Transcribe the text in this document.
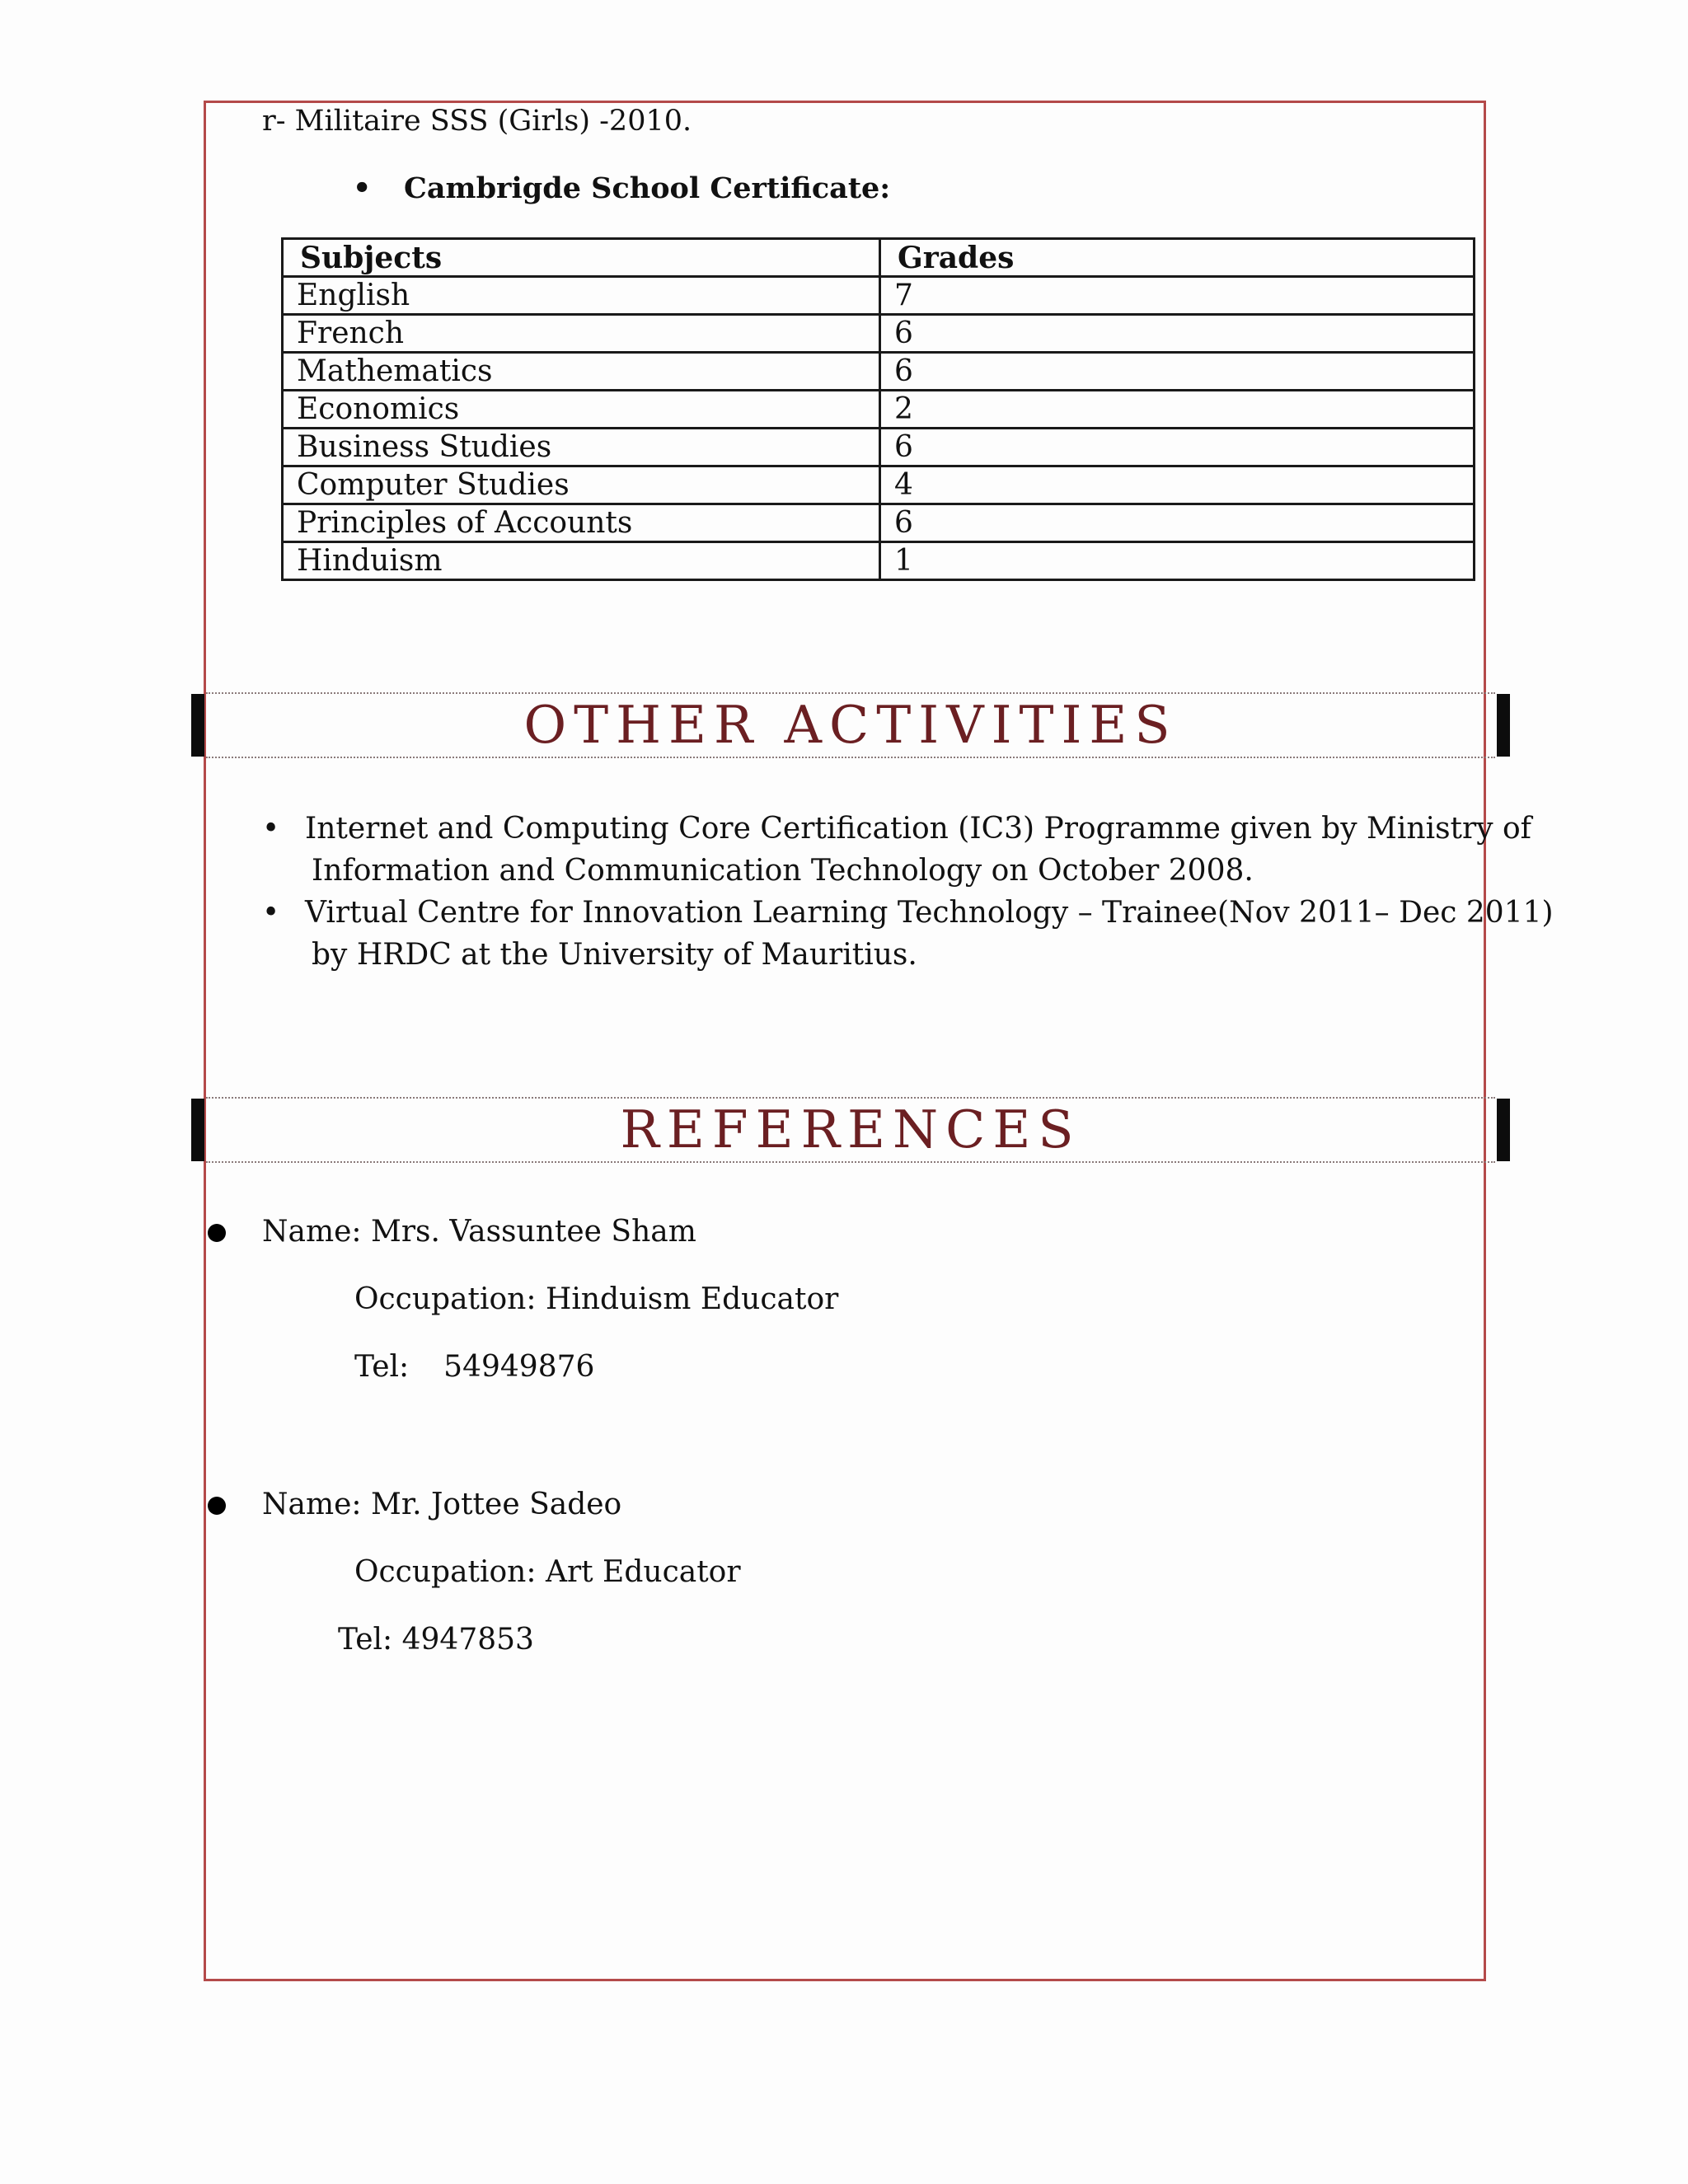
r- Militaire SSS (Girls) -2010.
• Cambrigde School Certificate:
Subjects	Grades
English	7
French	6
Mathematics	6
Economics	2
Business Studies	6
Computer Studies	4
Principles of Accounts	6
Hinduism	1
OTHER ACTIVITIES
• Internet and Computing Core Certification (IC3) Programme given by Ministry of
Information and Communication Technology on October 2008.
• Virtual Centre for Innovation Learning Technology – Trainee(Nov 2011– Dec 2011)
by HRDC at the University of Mauritius.
REFERENCES
Name: Mrs. Vassuntee Sham
Occupation: Hinduism Educator
Tel: 54949876
Name: Mr. Jottee Sadeo
Occupation: Art Educator
Tel: 4947853
